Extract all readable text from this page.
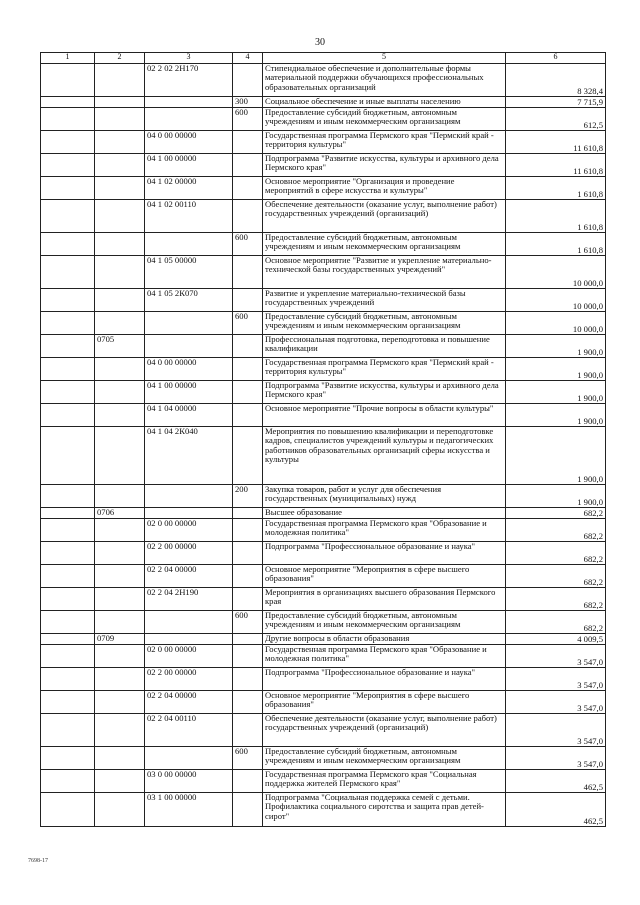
30
1	2	3	4	5	6
		02 2 02 2Н170		Стипендиальное обеспечение и дополнительные формы материальной поддержки обучающихся профессиональных образовательных организаций	8 328,4
			300	Социальное обеспечение и иные выплаты населению	7 715,9
			600	Предоставление субсидий бюджетным, автономным учреждениям и иным некоммерческим организациям	612,5
		04 0 00 00000		Государственная программа Пермского края "Пермский край - территория культуры"	11 610,8
		04 1 00 00000		Подпрограмма "Развитие искусства, культуры и архивного дела Пермского края"	11 610,8
		04 1 02 00000		Основное мероприятие "Организация и проведение мероприятий в сфере искусства и культуры"	1 610,8
		04 1 02 00110		Обеспечение деятельности (оказание услуг, выполнение работ) государственных учреждений (организаций)	1 610,8
			600	Предоставление субсидий бюджетным, автономным учреждениям и иным некоммерческим организациям	1 610,8
		04 1 05 00000		Основное мероприятие "Развитие и укрепление материально-технической базы государственных учреждений"	10 000,0
		04 1 05 2К070		Развитие и укрепление материально-технической базы государственных учреждений	10 000,0
			600	Предоставление субсидий бюджетным, автономным учреждениям и иным некоммерческим организациям	10 000,0
	0705			Профессиональная подготовка, переподготовка и повышение квалификации	1 900,0
		04 0 00 00000		Государственная программа Пермского края "Пермский край - территория культуры"	1 900,0
		04 1 00 00000		Подпрограмма "Развитие искусства, культуры и архивного дела Пермского края"	1 900,0
		04 1 04 00000		Основное мероприятие "Прочие вопросы в области культуры"	1 900,0
		04 1 04 2К040		Мероприятия по повышению квалификации и переподготовке кадров, специалистов учреждений культуры и педагогических работников образовательных организаций сферы искусства и культуры	1 900,0
			200	Закупка товаров, работ и услуг для обеспечения государственных (муниципальных) нужд	1 900,0
	0706			Высшее образование	682,2
		02 0 00 00000		Государственная программа Пермского края "Образование и молодежная политика"	682,2
		02 2 00 00000		Подпрограмма "Профессиональное образование и наука"	682,2
		02 2 04 00000		Основное мероприятие "Мероприятия в сфере высшего образования"	682,2
		02 2 04 2Н190		Мероприятия в организациях высшего образования Пермского края	682,2
			600	Предоставление субсидий бюджетным, автономным учреждениям и иным некоммерческим организациям	682,2
	0709			Другие вопросы в области образования	4 009,5
		02 0 00 00000		Государственная программа Пермского края "Образование и молодежная политика"	3 547,0
		02 2 00 00000		Подпрограмма "Профессиональное образование и наука"	3 547,0
		02 2 04 00000		Основное мероприятие "Мероприятия в сфере высшего образования"	3 547,0
		02 2 04 00110		Обеспечение деятельности (оказание услуг, выполнение работ) государственных учреждений (организаций)	3 547,0
			600	Предоставление субсидий бюджетным, автономным учреждениям и иным некоммерческим организациям	3 547,0
		03 0 00 00000		Государственная программа Пермского края "Социальная поддержка жителей Пермского края"	462,5
		03 1 00 00000		Подпрограмма "Социальная поддержка семей с детьми. Профилактика социального сиротства и защита прав детей-сирот"	462,5
7698-17
